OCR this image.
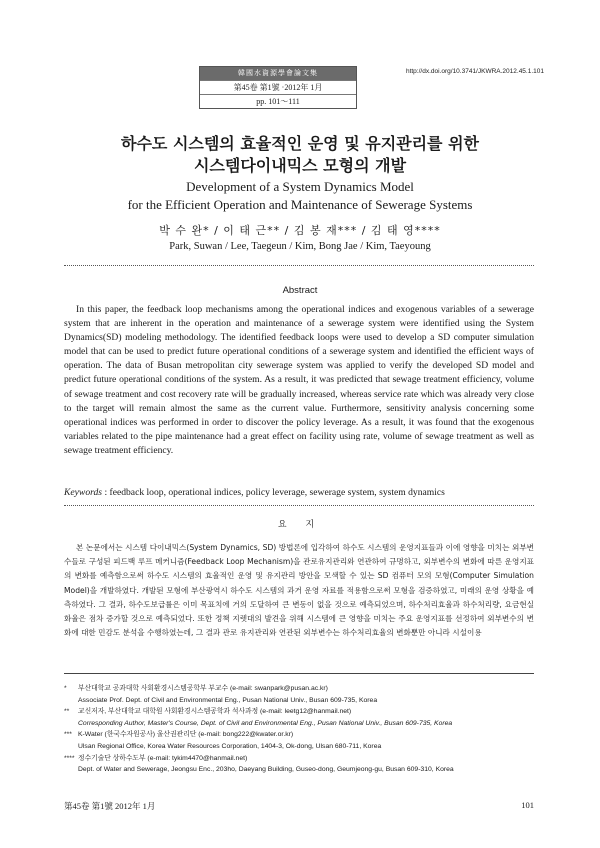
韓國水資源學會論文集
第45卷 第1號 ·2012年 1月
pp. 101～111
http://dx.doi.org/10.3741/JKWRA.2012.45.1.101
하수도 시스템의 효율적인 운영 및 유지관리를 위한
시스템다이내믹스 모형의 개발
Development of a System Dynamics Model
for the Efficient Operation and Maintenance of Sewerage Systems
박 수 완* / 이 태 근** / 김 봉 재*** / 김 태 영****
Park, Suwan / Lee, Taegeun / Kim, Bong Jae / Kim, Taeyoung
Abstract

In this paper, the feedback loop mechanisms among the operational indices and exogenous variables of a sewerage system that are inherent in the operation and maintenance of a sewerage system were identified using the System Dynamics(SD) modeling methodology. The identified feedback loops were used to develop a SD computer simulation model that can be used to predict future operational conditions of a sewerage system and identified the efficient ways of operation. The data of Busan metropolitan city sewerage system was applied to verify the developed SD model and predict future operational conditions of the system. As a result, it was predicted that sewage treatment efficiency, volume of sewage treatment and cost recovery rate will be gradually increased, whereas service rate which was already very close to the target will remain almost the same as the current value. Furthermore, sensitivity analysis concerning some operational indices was performed in order to discover the policy leverage. As a result, it was found that the exogenous variables related to the pipe maintenance had a great effect on facility using rate, volume of sewage treatment as well as sewage treatment efficiency.

Keywords : feedback loop, operational indices, policy leverage, sewerage system, system dynamics
요 지

본 논문에서는 시스템 다이내믹스(System Dynamics, SD) 방법론에 입각하여 하수도 시스템의 운영지표들과 이에 영향을 미치는 외부변수들로 구성된 피드백 루프 메커니즘(Feedback Loop Mechanism)을 관로유지관리와 연관하여 규명하고, 외부변수의 변화에 따른 운영지표의 변화를 예측함으로써 하수도 시스템의 효율적인 운영 및 유지관리 방안을 모색할 수 있는 SD 컴퓨터 모의 모형(Computer Simulation Model)을 개발하였다. 개발된 모형에 부산광역시 하수도 시스템의 과거 운영 자료를 적용함으로써 모형을 검증하였고, 미래의 운영 상황을 예측하였다. 그 결과, 하수도보급률은 이미 목표치에 거의 도달하여 큰 변동이 없을 것으로 예측되었으며, 하수처리효율과 하수처리량, 요금현실화율은 점차 증가할 것으로 예측되었다. 또한 정책 지렛대의 발견을 위해 시스템에 큰 영향을 미치는 주요 운영지표를 선정하여 외부변수의 변화에 대한 민감도 분석을 수행하였는데, 그 결과 관로 유지관리와 연관된 외부변수는 하수처리효율의 변화뿐만 아니라 시설이용

* 부산대학교 공과대학 사회환경시스템공학부 부교수 (e-mail: swanpark@pusan.ac.kr)
Associate Prof. Dept. of Civil and Environmental Eng., Pusan National Univ., Busan 609-735, Korea
** 교신저자, 부산대학교 대학원 사회환경시스템공학과 석사과정 (e-mail: leetg12@hanmail.net)
Corresponding Author, Master's Course, Dept. of Civil and Environmental Eng., Pusan National Univ., Busan 609-735, Korea
*** K-Water (한국수자원공사) 울산권관리단 (e-mail: bong222@kwater.or.kr)
Ulsan Regional Office, Korea Water Resources Corporation, 1404-3, Ok-dong, Ulsan 680-711, Korea
**** 정수기술단 상하수도부 (e-mail: tykim4470@hanmail.net)
Dept. of Water and Sewerage, Jeongsu Enc., 203ho, Daeyang Building, Guseo-dong, Geumjeong-gu, Busan 609-310, Korea
第45卷 第1號 2012年 1月	101
